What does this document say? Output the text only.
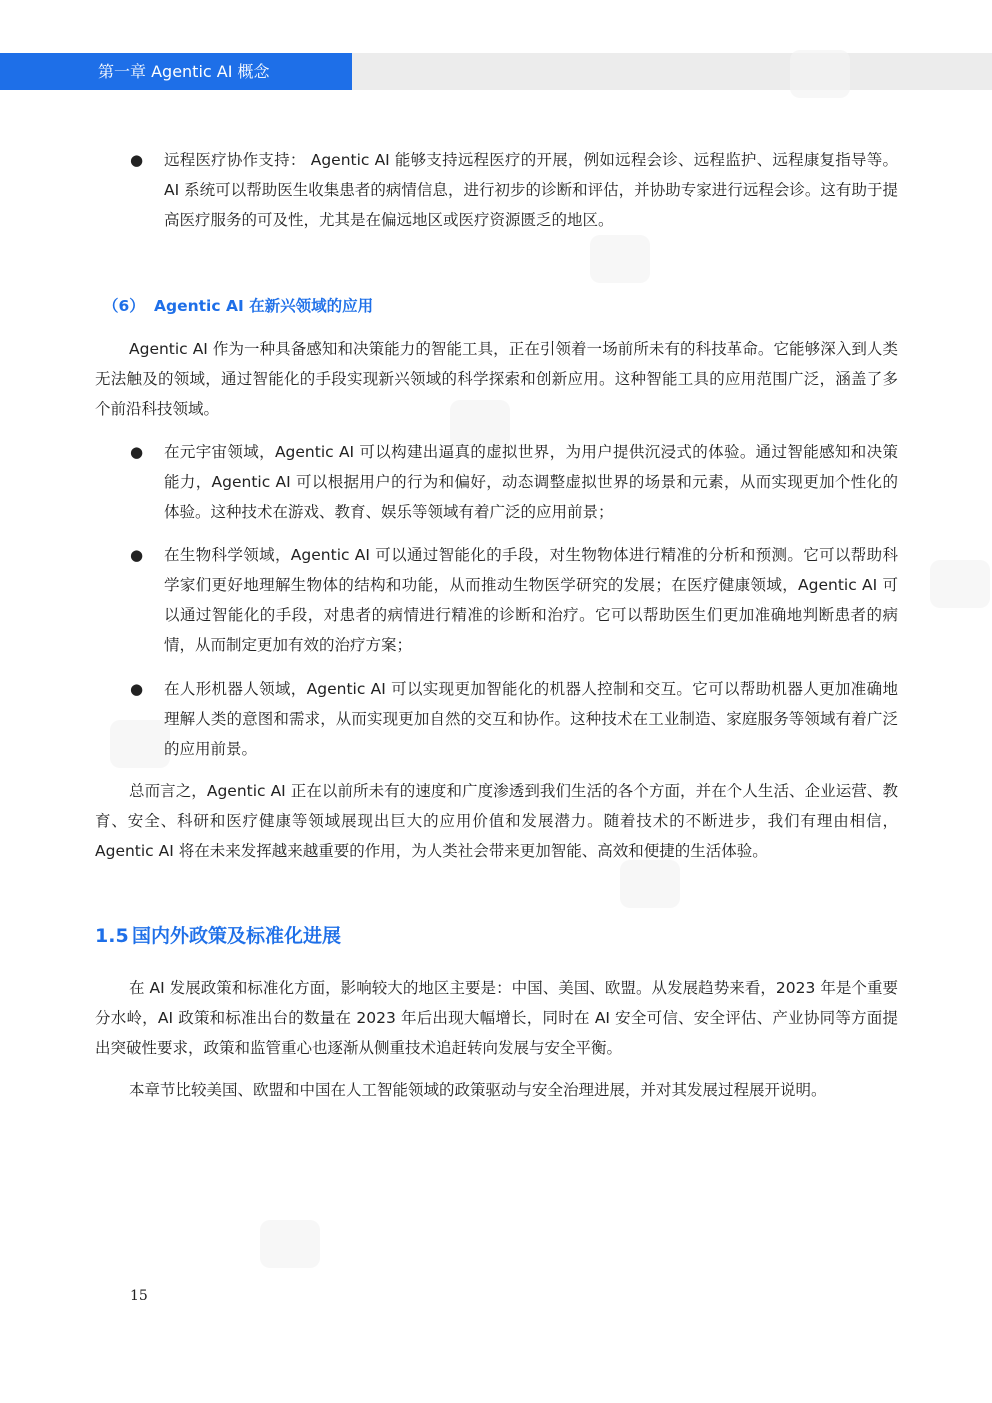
第一章 Agentic AI 概念
● 远程医疗协作支持： Agentic AI 能够支持远程医疗的开展，例如远程会诊、远程监护、远程康复指导等。AI 系统可以帮助医生收集患者的病情信息，进行初步的诊断和评估，并协助专家进行远程会诊。这有助于提高医疗服务的可及性，尤其是在偏远地区或医疗资源匮乏的地区。
（6） Agentic AI 在新兴领域的应用
Agentic AI 作为一种具备感知和决策能力的智能工具，正在引领着一场前所未有的科技革命。它能够深入到人类无法触及的领域，通过智能化的手段实现新兴领域的科学探索和创新应用。这种智能工具的应用范围广泛，涵盖了多个前沿科技领域。
● 在元宇宙领域，Agentic AI 可以构建出逼真的虚拟世界，为用户提供沉浸式的体验。通过智能感知和决策能力，Agentic AI 可以根据用户的行为和偏好，动态调整虚拟世界的场景和元素，从而实现更加个性化的体验。这种技术在游戏、教育、娱乐等领域有着广泛的应用前景；
● 在生物科学领域，Agentic AI 可以通过智能化的手段，对生物物体进行精准的分析和预测。它可以帮助科学家们更好地理解生物体的结构和功能，从而推动生物医学研究的发展；在医疗健康领域，Agentic AI 可以通过智能化的手段，对患者的病情进行精准的诊断和治疗。它可以帮助医生们更加准确地判断患者的病情，从而制定更加有效的治疗方案；
● 在人形机器人领域，Agentic AI 可以实现更加智能化的机器人控制和交互。它可以帮助机器人更加准确地理解人类的意图和需求，从而实现更加自然的交互和协作。这种技术在工业制造、家庭服务等领域有着广泛的应用前景。
总而言之，Agentic AI 正在以前所未有的速度和广度渗透到我们生活的各个方面，并在个人生活、企业运营、教育、安全、科研和医疗健康等领域展现出巨大的应用价值和发展潜力。随着技术的不断进步，我们有理由相信，Agentic AI 将在未来发挥越来越重要的作用，为人类社会带来更加智能、高效和便捷的生活体验。
1.5 国内外政策及标准化进展
在 AI 发展政策和标准化方面，影响较大的地区主要是：中国、美国、欧盟。从发展趋势来看，2023 年是个重要分水岭，AI 政策和标准出台的数量在 2023 年后出现大幅增长，同时在 AI 安全可信、安全评估、产业协同等方面提出突破性要求，政策和监管重心也逐渐从侧重技术追赶转向发展与安全平衡。
本章节比较美国、欧盟和中国在人工智能领域的政策驱动与安全治理进展，并对其发展过程展开说明。
15
